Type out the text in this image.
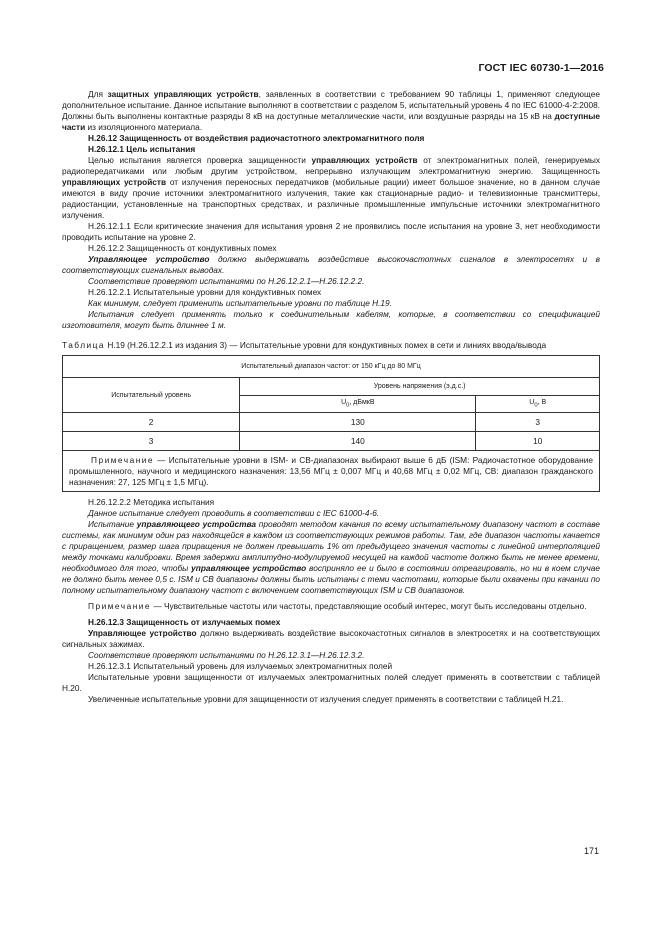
ГОСТ IEC 60730-1—2016

Для защитных управляющих устройств, заявленных в соответствии с требованием 90 таблицы 1, применяют следующее дополнительное испытание. Данное испытание выполняют в соответствии с разделом 5, испытательный уровень 4 по IEC 61000-4-2:2008. Должны быть выполнены контактные разряды 8 кВ на доступные металлические части, или воздушные разряды на 15 кВ на доступные части из изоляционного материала.

Н.26.12 Защищенность от воздействия радиочастотного электромагнитного поля

Н.26.12.1 Цель испытания

Целью испытания является проверка защищенности управляющих устройств от электромагнитных полей, генерируемых радиопередатчиками или любым другим устройством, непрерывно излучающим электромагнитную энергию. Защищенность управляющих устройств от излучения переносных передатчиков (мобильные рации) имеет большое значение, но в данном случае имеются в виду прочие источники электромагнитного излучения, такие как стационарные радио- и телевизионные трансмиттеры, радиостанции, установленные на транспортных средствах, и различные промышленные импульсные источники электромагнитного излучения.

Н.26.12.1.1 Если критические значения для испытания уровня 2 не проявились после испытания на уровне 3, нет необходимости проводить испытание на уровне 2.

Н.26.12.2 Защищенность от кондуктивных помех

Управляющее устройство должно выдерживать воздействие высокочастотных сигналов в электросетях и в соответствующих сигнальных выводах.

Соответствие проверяют испытаниями по Н.26.12.2.1—Н.26.12.2.2.

Н.26.12.2.1 Испытательные уровни для кондуктивных помех

Как минимум, следует применить испытательные уровни по таблице Н.19.

Испытания следует применять только к соединительным кабелям, которые, в соответствии со спецификацией изготовителя, могут быть длиннее 1 м.

Таблица Н.19 (Н.26.12.2.1 из издания 3) — Испытательные уровни для кондуктивных помех в сети и линиях ввода/вывода

Испытательный диапазон частот: от 150 кГц до 80 МГц		
Испытательный уровень	Уровень напряжения (э.д.с.)	
	$U_0$, дБмкВ	$U_0$, В
2	130	3
3	140	10
Примечание — Испытательные уровни в ISM- и CB-диапазонах выбирают выше 6 дБ (ISM: Радиочастотное оборудование промышленного, научного и медицинского назначения: 13,56 МГц ± 0,007 МГц и 40,68 МГц ± 0,02 МГц, CB: диапазон гражданского назначения: 27, 125 МГц ± 1,5 МГц).		

Н.26.12.2.2 Методика испытания

Данное испытание следует проводить в соответствии с IEC 61000-4-6.

Испытание управляющего устройства проводят методом качания по всему испытательному диапазону частот в составе системы, как минимум один раз находящейся в каждом из соответствующих режимов работы. Там, где диапазон частоты качается с приращением, размер шага приращения не должен превышать 1% от предыдущего значения частоты с линейной интерполяцией между точками калибровки. Время задержки амплитудно-модулируемой несущей на каждой частоте должно быть не менее времени, необходимого для того, чтобы управляющее устройство восприняло ее и было в состоянии отреагировать, но ни в коем случае не должно быть менее 0,5 с. ISM и CB диапазоны должны быть испытаны с теми частотами, которые были охвачены при качании по полному испытательному диапазону частот с включением соответствующих ISM и CB диапазонов.

Примечание — Чувствительные частоты или частоты, представляющие особый интерес, могут быть исследованы отдельно.

Н.26.12.3 Защищенность от излучаемых помех

Управляющее устройство должно выдерживать воздействие высокочастотных сигналов в электросетях и на соответствующих сигнальных зажимах.

Соответствие проверяют испытаниями по Н.26.12.3.1—Н.26.12.3.2.

Н.26.12.3.1 Испытательный уровень для излучаемых электромагнитных полей

Испытательные уровни защищенности от излучаемых электромагнитных полей следует применять в соответствии с таблицей Н.20.

Увеличенные испытательные уровни для защищенности от излучения следует применять в соответствии с таблицей Н.21.

171
